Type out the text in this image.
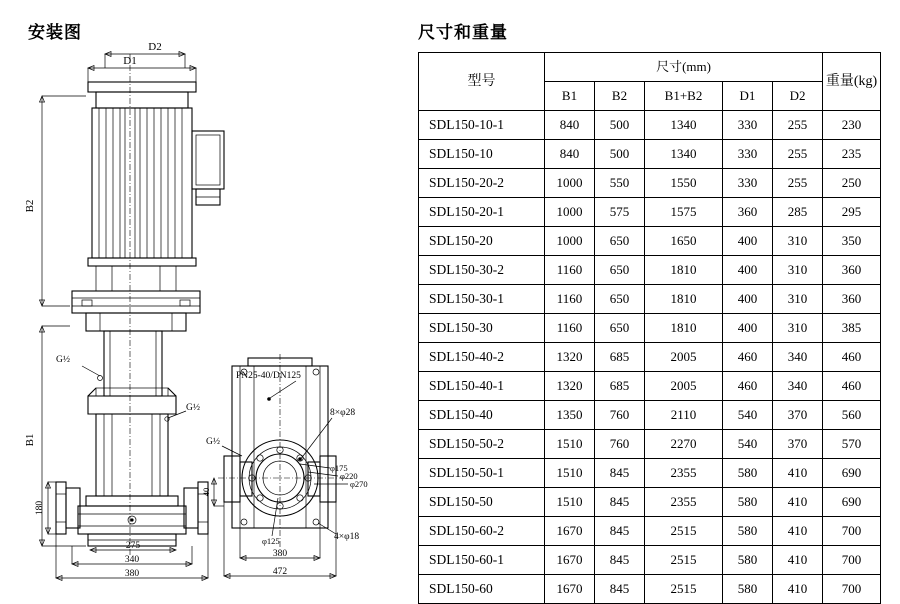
安装图	尺寸和重量
D2
D1
B2
B1
G½
G½
180
275
340
380
PN25-40/DN125
8×φ28
G½
40
φ175
φ220
φ270
φ125	4×φ18
380
472
型号	尺寸(mm)					重量(kg)
	B1	B2	B1+B2	D1	D2	
SDL150-10-1	840	500	1340	330	255	230
SDL150-10	840	500	1340	330	255	235
SDL150-20-2	1000	550	1550	330	255	250
SDL150-20-1	1000	575	1575	360	285	295
SDL150-20	1000	650	1650	400	310	350
SDL150-30-2	1160	650	1810	400	310	360
SDL150-30-1	1160	650	1810	400	310	360
SDL150-30	1160	650	1810	400	310	385
SDL150-40-2	1320	685	2005	460	340	460
SDL150-40-1	1320	685	2005	460	340	460
SDL150-40	1350	760	2110	540	370	560
SDL150-50-2	1510	760	2270	540	370	570
SDL150-50-1	1510	845	2355	580	410	690
SDL150-50	1510	845	2355	580	410	690
SDL150-60-2	1670	845	2515	580	410	700
SDL150-60-1	1670	845	2515	580	410	700
SDL150-60	1670	845	2515	580	410	700
